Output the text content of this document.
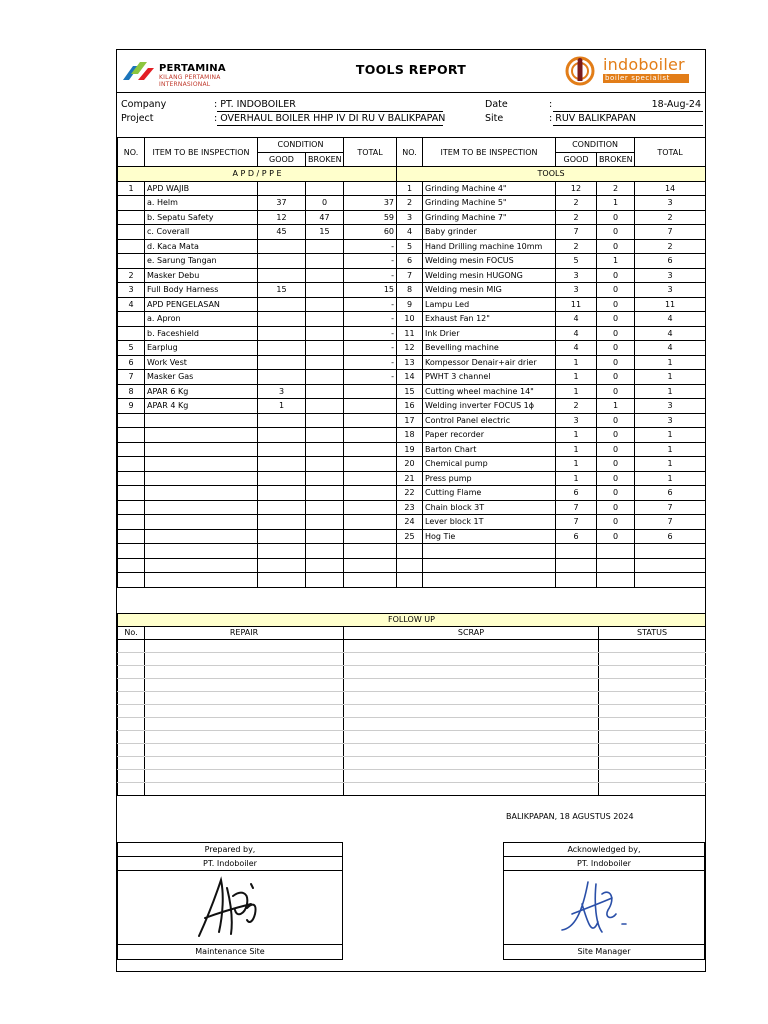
PERTAMINA
KILANG PERTAMINA
INTERNASIONAL
TOOLS REPORT	indoboiler
boiler specialist
Company	: PT. INDOBOILER
Project	: OVERHAUL BOILER HHP IV DI RU V BALIKPAPAN
Date	:	18-Aug-24
Site	: RUV BALIKPAPAN
NO.	ITEM TO BE INSPECTION	CONDITION		TOTAL	NO.	ITEM TO BE INSPECTION	CONDITION		TOTAL
		GOOD	BROKEN				GOOD	BROKEN	
A P D / P P E					TOOLS				
1	APD WAJIB				1	Grinding Machine 4"	12	2	14
	a. Helm	37	0	37	2	Grinding Machine 5"	2	1	3
	b. Sepatu Safety	12	47	59	3	Grinding Machine 7"	2	0	2
	c. Coverall	45	15	60	4	Baby grinder	7	0	7
	d. Kaca Mata			-	5	Hand Drilling machine 10mm	2	0	2
	e. Sarung Tangan			-	6	Welding mesin FOCUS	5	1	6
2	Masker Debu			-	7	Welding mesin HUGONG	3	0	3
3	Full Body Harness	15		15	8	Welding mesin MIG	3	0	3
4	APD PENGELASAN			-	9	Lampu Led	11	0	11
	a. Apron			-	10	Exhaust Fan 12"	4	0	4
	b. Faceshield			-	11	Ink Drier	4	0	4
5	Earplug			-	12	Bevelling machine	4	0	4
6	Work Vest			-	13	Kompessor Denair+air drier	1	0	1
7	Masker Gas			-	14	PWHT 3 channel	1	0	1
8	APAR 6 Kg	3			15	Cutting wheel machine 14"	1	0	1
9	APAR 4 Kg	1			16	Welding inverter FOCUS 1ɸ	2	1	3
					17	Control Panel electric	3	0	3
					18	Paper recorder	1	0	1
					19	Barton Chart	1	0	1
					20	Chemical pump	1	0	1
					21	Press pump	1	0	1
					22	Cutting Flame	6	0	6
					23	Chain block 3T	7	0	7
					24	Lever block 1T	7	0	7
					25	Hog Tie	6	0	6

FOLLOW UP			
No.	REPAIR	SCRAP	STATUS

BALIKPAPAN, 18 AGUSTUS 2024
Prepared by,
PT. Indoboiler
Maintenance Site
Acknowledged by,
PT. Indoboiler
Site Manager
